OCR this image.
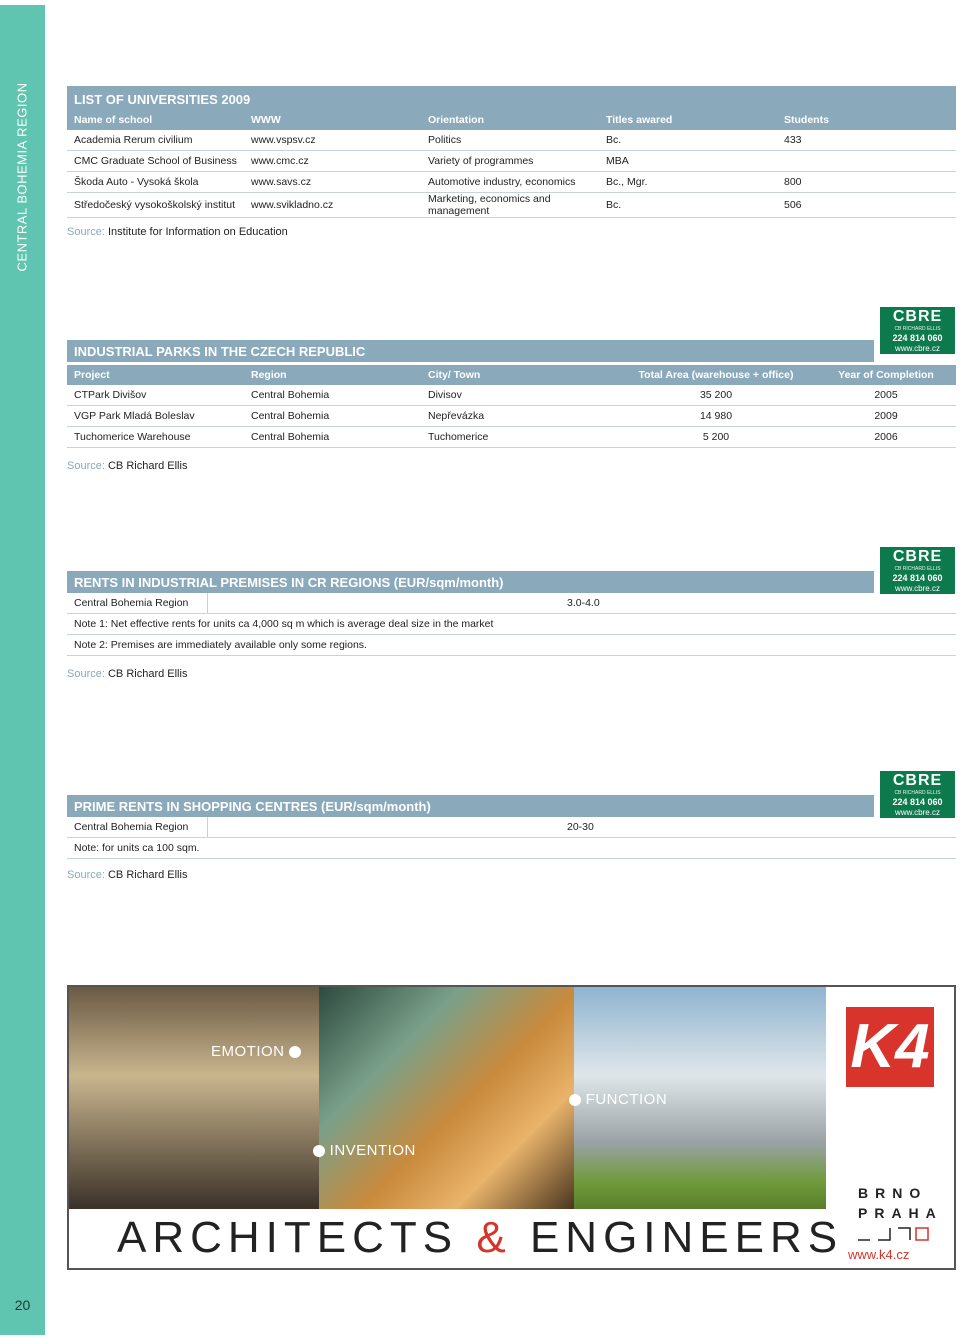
CENTRAL BOHEMIA REGION
20
LIST OF UNIVERSITIES 2009
Name of school	WWW	Orientation	Titles awared	Students
Academia Rerum civilium	www.vspsv.cz	Politics	Bc.	433
CMC Graduate School of Business	www.cmc.cz	Variety of programmes	MBA	
Škoda Auto - Vysoká škola	www.savs.cz	Automotive industry, economics	Bc., Mgr.	800
Středočeský vysokoškolský institut	www.svikladno.cz	Marketing, economics and management	Bc.	506
Source: Institute for Information on Education
CBRE
CB RICHARD ELLIS
224 814 060
www.cbre.cz
INDUSTRIAL PARKS IN THE CZECH REPUBLIC
Project	Region	City/ Town	Total Area (warehouse + office)	Year of Completion
CTPark Divišov	Central Bohemia	Divisov	35 200	2005
VGP Park Mladá Boleslav	Central Bohemia	Nepřevázka	14 980	2009
Tuchomerice Warehouse	Central Bohemia	Tuchomerice	5 200	2006
Source: CB Richard Ellis
CBRE
CB RICHARD ELLIS
224 814 060
www.cbre.cz
RENTS IN INDUSTRIAL PREMISES IN CR REGIONS (EUR/sqm/month)
Central Bohemia Region	3.0-4.0
Note 1: Net effective rents for units ca 4,000 sq m which is average deal size in the market
Note 2: Premises are immediately available only some regions.
Source: CB Richard Ellis
CBRE
CB RICHARD ELLIS
224 814 060
www.cbre.cz
PRIME RENTS IN SHOPPING CENTRES (EUR/sqm/month)
Central Bohemia Region	20-30
Note: for units ca 100 sqm.
Source: CB Richard Ellis
EMOTION
FUNCTION
INVENTION
ARCHITECTS & ENGINEERS
K4
BRNO
PRAHA
www.k4.cz
